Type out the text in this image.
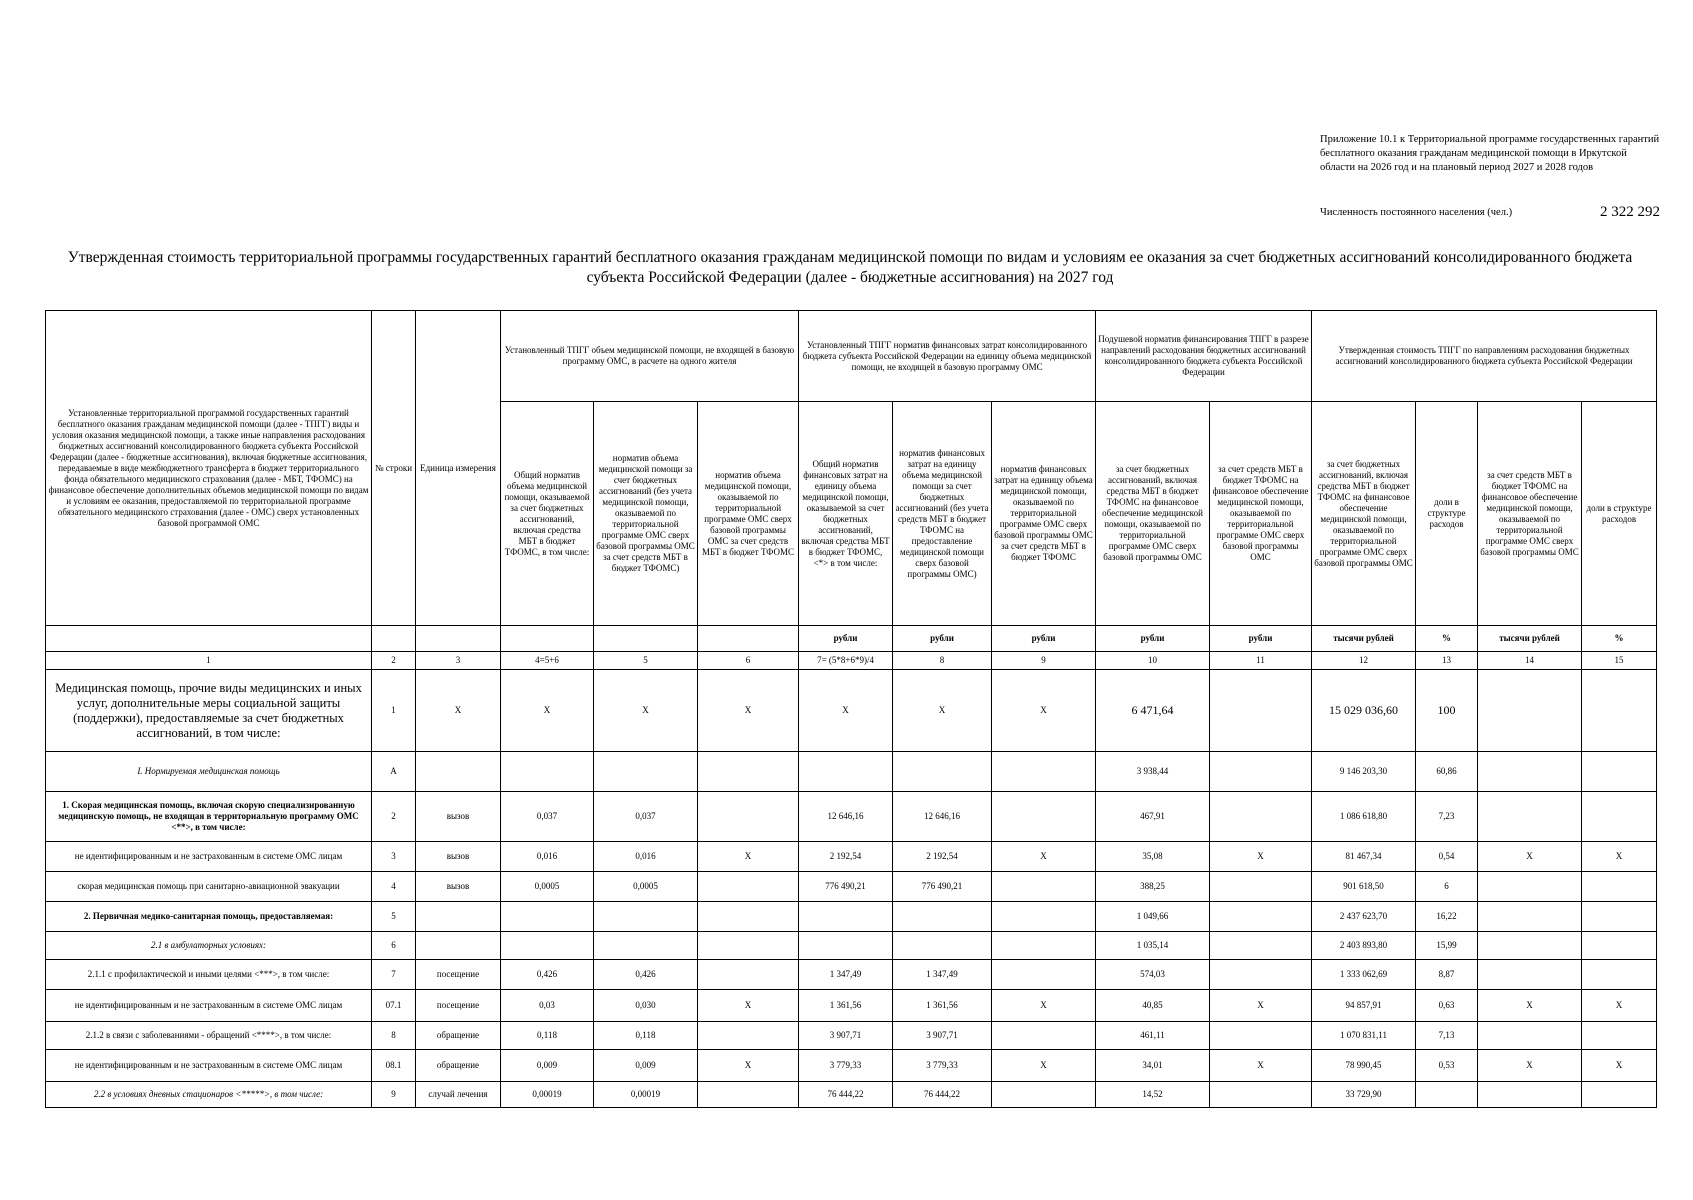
Приложение 10.1 к Территориальной программе государственных гарантий бесплатного оказания гражданам медицинской помощи в Иркутской области на 2026 год и на плановый период 2027 и 2028 годов
Численность постоянного населения (чел.)	2 322 292
Утвержденная стоимость территориальной программы государственных гарантий бесплатного оказания гражданам медицинской помощи по видам и условиям ее оказания за счет бюджетных ассигнований консолидированного бюджета субъекта Российской Федерации (далее - бюджетные ассигнования) на 2027 год
Установленные территориальной программой государственных гарантий бесплатного оказания гражданам медицинской помощи (далее - ТПГГ) виды и условия оказания медицинской помощи, а также иные направления расходования бюджетных ассигнований консолидированного бюджета субъекта Российской Федерации (далее - бюджетные ассигнования), включая бюджетные ассигнования, передаваемые в виде межбюджетного трансферта в бюджет территориального фонда обязательного медицинского страхования (далее - МБТ, ТФОМС) на финансовое обеспечение дополнительных объемов медицинской помощи по видам и условиям ее оказания, предоставляемой по территориальной программе обязательного медицинского страхования (далее - ОМС) сверх установленных базовой программой ОМС	№ строки	Единица измерения	Установленный ТПГГ объем медицинской помощи, не входящей в базовую программу ОМС, в расчете на одного жителя			Установленный ТПГГ норматив финансовых затрат консолидированного бюджета субъекта Российской Федерации на единицу объема медицинской помощи, не входящей в базовую программу ОМС			Подушевой норматив финансирования ТПГГ в разрезе направлений расходования бюджетных ассигнований консолидированного бюджета субъекта Российской Федерации		Утвержденная стоимость ТПГГ по направлениям расходования бюджетных ассигнований консолидированного бюджета субъекта Российской Федерации			
			Общий норматив объема медицинской помощи, оказываемой за счет бюджетных ассигнований, включая средства МБТ в бюджет ТФОМС, в том числе:	норматив объема медицинской помощи за счет бюджетных ассигнований (без учета медицинской помощи, оказываемой по территориальной программе ОМС сверх базовой программы ОМС за счет средств МБТ в бюджет ТФОМС)	норматив объема медицинской помощи, оказываемой по территориальной программе ОМС сверх базовой программы ОМС за счет средств МБТ в бюджет ТФОМС	Общий норматив финансовых затрат на единицу объема медицинской помощи, оказываемой за счет бюджетных ассигнований, включая средства МБТ в бюджет ТФОМС, <*> в том числе:	норматив финансовых затрат на единицу объема медицинской помощи за счет бюджетных ассигнований (без учета средств МБТ в бюджет ТФОМС на предоставление медицинской помощи сверх базовой программы ОМС)	норматив финансовых затрат на единицу объема медицинской помощи, оказываемой по территориальной программе ОМС сверх базовой программы ОМС за счет средств МБТ в бюджет ТФОМС	за счет бюджетных ассигнований, включая средства МБТ в бюджет ТФОМС на финансовое обеспечение медицинской помощи, оказываемой по территориальной программе ОМС сверх базовой программы ОМС	за счет средств МБТ в бюджет ТФОМС на финансовое обеспечение медицинской помощи, оказываемой по территориальной программе ОМС сверх базовой программы ОМС	за счет бюджетных ассигнований, включая средства МБТ в бюджет ТФОМС на финансовое обеспечение медицинской помощи, оказываемой по территориальной программе ОМС сверх базовой программы ОМС	доли в структуре расходов	за счет средств МБТ в бюджет ТФОМС на финансовое обеспечение медицинской помощи, оказываемой по территориальной программе ОМС сверх базовой программы ОМС	доли в структуре расходов
						рубли	рубли	рубли	рубли	рубли	тысячи рублей	%	тысячи рублей	%
1	2	3	4=5+6	5	6	7= (5*8+6*9)/4	8	9	10	11	12	13	14	15
Медицинская помощь, прочие виды медицинских и иных услуг, дополнительные меры социальной защиты (поддержки), предоставляемые за счет бюджетных ассигнований, в том числе:	1	Х	Х	Х	Х	Х	Х	Х	6 471,64		15 029 036,60	100		
I. Нормируемая медицинская помощь	А								3 938,44		9 146 203,30	60,86		
1. Скорая медицинская помощь, включая скорую специализированную медицинскую помощь, не входящая в территориальную программу ОМС <**>, в том числе:	2	вызов	0,037	0,037		12 646,16	12 646,16		467,91		1 086 618,80	7,23		
не идентифицированным и не застрахованным в системе ОМС лицам	3	вызов	0,016	0,016	Х	2 192,54	2 192,54	Х	35,08	Х	81 467,34	0,54	Х	Х
скорая медицинская помощь при санитарно-авиационной эвакуации	4	вызов	0,0005	0,0005		776 490,21	776 490,21		388,25		901 618,50	6		
2. Первичная медико-санитарная помощь, предоставляемая:	5								1 049,66		2 437 623,70	16,22		
2.1 в амбулаторных условиях:	6								1 035,14		2 403 893,80	15,99		
2.1.1 с профилактической и иными целями <***>, в том числе:	7	посещение	0,426	0,426		1 347,49	1 347,49		574,03		1 333 062,69	8,87		
не идентифицированным и не застрахованным в системе ОМС лицам	07.1	посещение	0,03	0,030	Х	1 361,56	1 361,56	Х	40,85	Х	94 857,91	0,63	Х	Х
2.1.2 в связи с заболеваниями - обращений <****>, в том числе:	8	обращение	0,118	0,118		3 907,71	3 907,71		461,11		1 070 831,11	7,13		
не идентифицированным и не застрахованным в системе ОМС лицам	08.1	обращение	0,009	0,009	Х	3 779,33	3 779,33	Х	34,01	Х	78 990,45	0,53	Х	Х
2.2 в условиях дневных стационаров <*****>, в том числе:	9	случай лечения	0,00019	0,00019		76 444,22	76 444,22		14,52		33 729,90			
